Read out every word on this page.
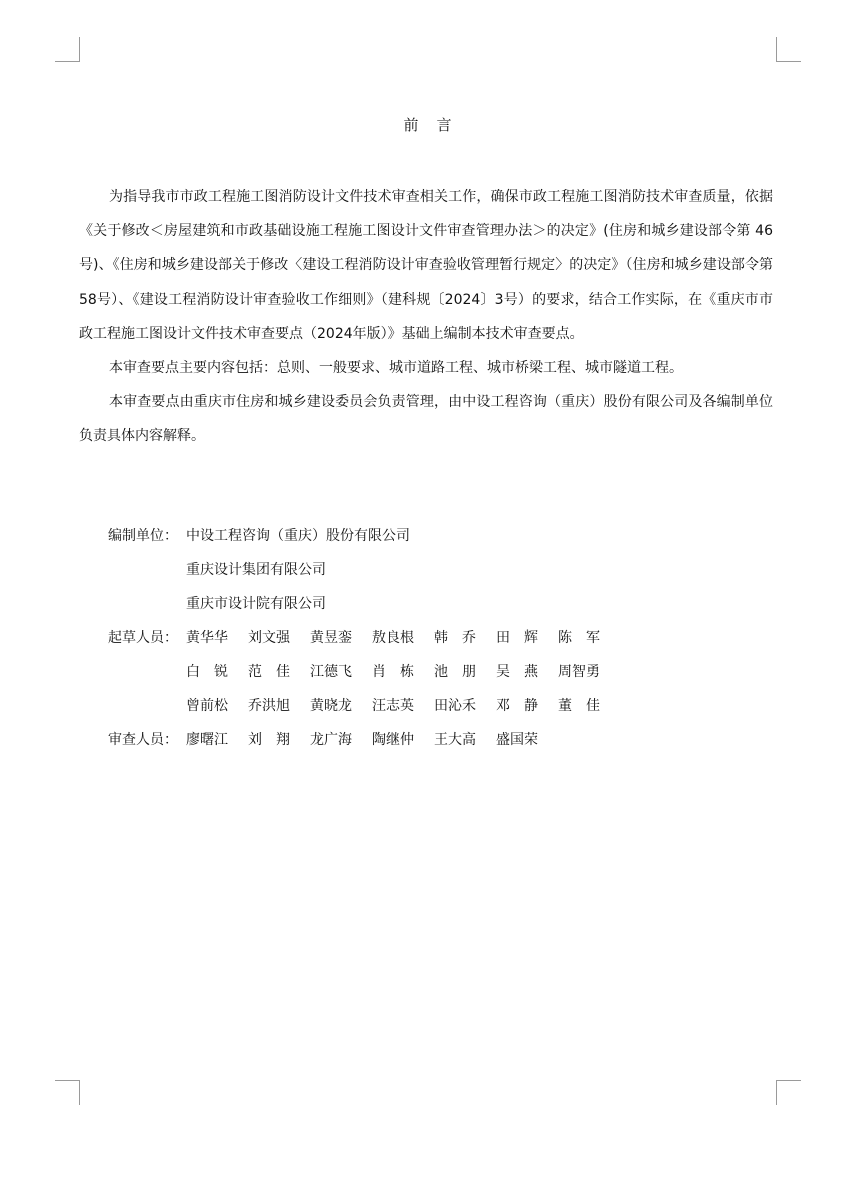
前言

为指导我市市政工程施工图消防设计文件技术审查相关工作，确保市政工程施工图消防技术审查质量，依据《关于修改＜房屋建筑和市政基础设施工程施工图设计文件审查管理办法＞的决定》(住房和城乡建设部令第 46号)、《住房和城乡建设部关于修改〈建设工程消防设计审查验收管理暂行规定〉的决定》（住房和城乡建设部令第58号）、《建设工程消防设计审查验收工作细则》（建科规〔2024〕3号）的要求，结合工作实际，在《重庆市市政工程施工图设计文件技术审查要点（2024年版）》基础上编制本技术审查要点。

本审查要点主要内容包括：总则、一般要求、城市道路工程、城市桥梁工程、城市隧道工程。

本审查要点由重庆市住房和城乡建设委员会负责管理，由中设工程咨询（重庆）股份有限公司及各编制单位负责具体内容解释。

编制单位： 中设工程咨询（重庆）股份有限公司
重庆设计集团有限公司
重庆市设计院有限公司
起草人员： 黄华华	刘文强	黄昱銮	敖良根	韩　乔	田　辉	陈　军
白　锐	范　佳	江德飞	肖　栋	池　朋	吴　燕	周智勇
曾前松	乔洪旭	黄晓龙	汪志英	田沁禾	邓　静	董　佳
审查人员： 廖曙江	刘　翔	龙广海	陶继仲	王大高	盛国荣
